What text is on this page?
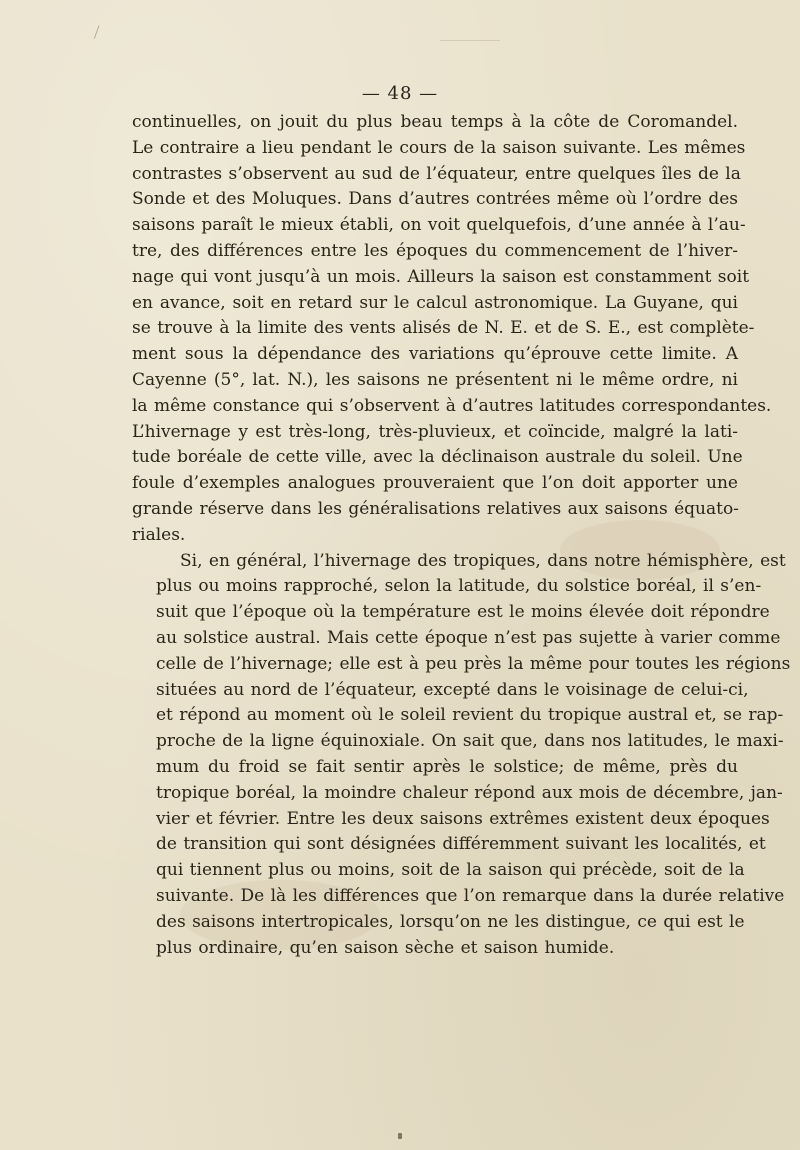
— 48 —

continuelles, on jouit du plus beau temps à la côte de Coromandel.
Le contraire a lieu pendant le cours de la saison suivante. Les mêmes
contrastes s’observent au sud de l’équateur, entre quelques îles de la
Sonde et des Moluques. Dans d’autres contrées même où l’ordre des
saisons paraît le mieux établi, on voit quelquefois, d’une année à l’au-
tre, des différences entre les époques du commencement de l’hiver-
nage qui vont jusqu’à un mois. Ailleurs la saison est constamment soit
en avance, soit en retard sur le calcul astronomique. La Guyane, qui
se trouve à la limite des vents alisés de N. E. et de S. E., est complète-
ment sous la dépendance des variations qu’éprouve cette limite. A
Cayenne (5°, lat. N.), les saisons ne présentent ni le même ordre, ni
la même constance qui s’observent à d’autres latitudes correspondantes.
L’hivernage y est très-long, très-pluvieux, et coïncide, malgré la lati-
tude boréale de cette ville, avec la déclinaison australe du soleil. Une
foule d’exemples analogues prouveraient que l’on doit apporter une
grande réserve dans les généralisations relatives aux saisons équato-
riales.

Si, en général, l’hivernage des tropiques, dans notre hémisphère, est
plus ou moins rapproché, selon la latitude, du solstice boréal, il s’en-
suit que l’époque où la température est le moins élevée doit répondre
au solstice austral. Mais cette époque n’est pas sujette à varier comme
celle de l’hivernage; elle est à peu près la même pour toutes les régions
situées au nord de l’équateur, excepté dans le voisinage de celui-ci,
et répond au moment où le soleil revient du tropique austral et, se rap-
proche de la ligne équinoxiale. On sait que, dans nos latitudes, le maxi-
mum du froid se fait sentir après le solstice; de même, près du
tropique boréal, la moindre chaleur répond aux mois de décembre, jan-
vier et février. Entre les deux saisons extrêmes existent deux époques
de transition qui sont désignées différemment suivant les localités, et
qui tiennent plus ou moins, soit de la saison qui précède, soit de la
suivante. De là les différences que l’on remarque dans la durée relative
des saisons intertropicales, lorsqu’on ne les distingue, ce qui est le
plus ordinaire, qu’en saison sèche et saison humide.
